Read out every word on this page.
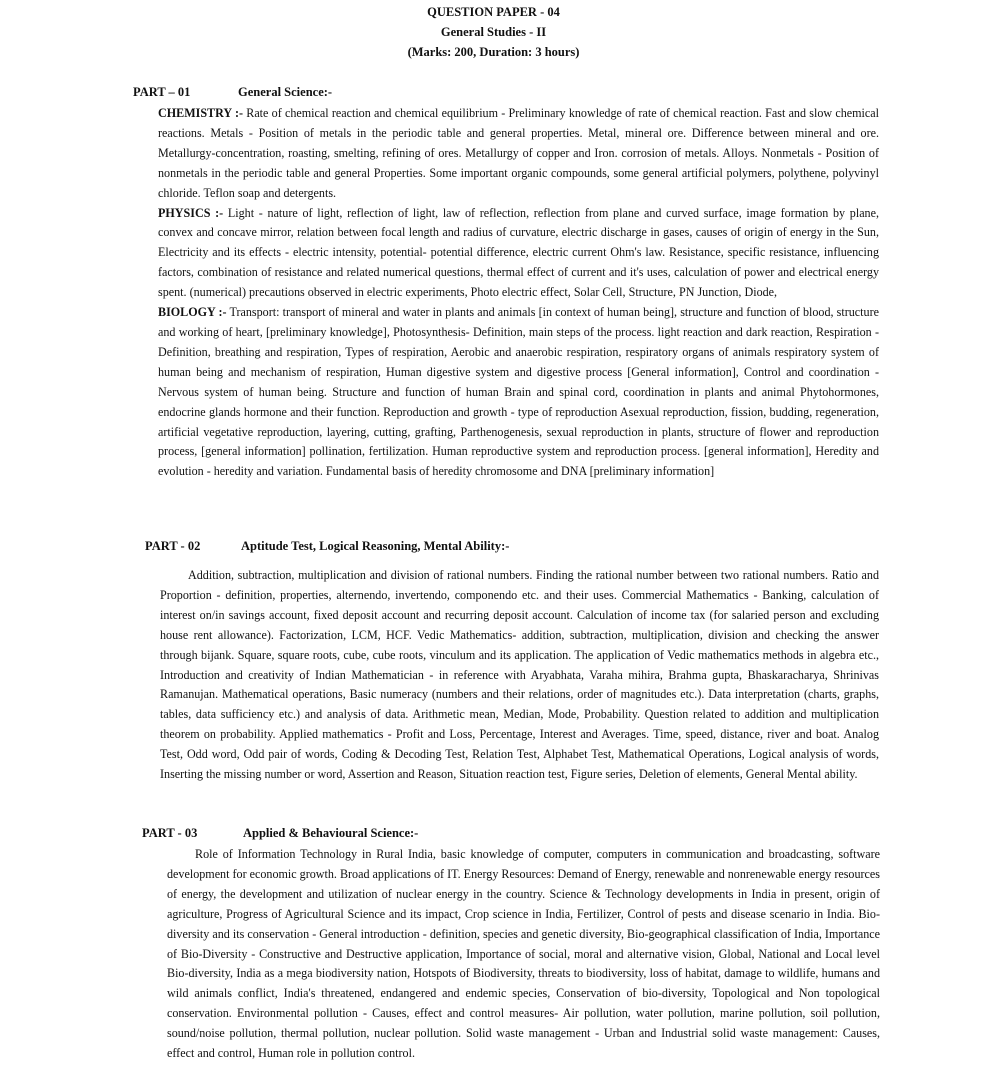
QUESTION PAPER - 04
General Studies - II
(Marks: 200, Duration: 3 hours)
PART – 01	General Science:-
CHEMISTRY :- Rate of chemical reaction and chemical equilibrium - Preliminary knowledge of rate of chemical reaction. Fast and slow chemical reactions. Metals - Position of metals in the periodic table and general properties. Metal, mineral ore. Difference between mineral and ore. Metallurgy-concentration, roasting, smelting, refining of ores. Metallurgy of copper and Iron. corrosion of metals. Alloys. Nonmetals - Position of nonmetals in the periodic table and general Properties. Some important organic compounds, some general artificial polymers, polythene, polyvinyl chloride. Teflon soap and detergents.
PHYSICS :- Light - nature of light, reflection of light, law of reflection, reflection from plane and curved surface, image formation by plane, convex and concave mirror, relation between focal length and radius of curvature, electric discharge in gases, causes of origin of energy in the Sun, Electricity and its effects - electric intensity, potential- potential difference, electric current Ohm's law. Resistance, specific resistance, influencing factors, combination of resistance and related numerical questions, thermal effect of current and it's uses, calculation of power and electrical energy spent. (numerical) precautions observed in electric experiments, Photo electric effect, Solar Cell, Structure, PN Junction, Diode,
BIOLOGY :- Transport: transport of mineral and water in plants and animals [in context of human being], structure and function of blood, structure and working of heart, [preliminary knowledge], Photosynthesis- Definition, main steps of the process. light reaction and dark reaction, Respiration - Definition, breathing and respiration, Types of respiration, Aerobic and anaerobic respiration, respiratory organs of animals respiratory system of human being and mechanism of respiration, Human digestive system and digestive process [General information], Control and coordination - Nervous system of human being. Structure and function of human Brain and spinal cord, coordination in plants and animal Phytohormones, endocrine glands hormone and their function. Reproduction and growth - type of reproduction Asexual reproduction, fission, budding, regeneration, artificial vegetative reproduction, layering, cutting, grafting, Parthenogenesis, sexual reproduction in plants, structure of flower and reproduction process, [general information] pollination, fertilization. Human reproductive system and reproduction process. [general information], Heredity and evolution - heredity and variation. Fundamental basis of heredity chromosome and DNA [preliminary information]
PART - 02	Aptitude Test, Logical Reasoning, Mental Ability:-
Addition, subtraction, multiplication and division of rational numbers. Finding the rational number between two rational numbers. Ratio and Proportion - definition, properties, alternendo, invertendo, componendo etc. and their uses. Commercial Mathematics - Banking, calculation of interest on/in savings account, fixed deposit account and recurring deposit account. Calculation of income tax (for salaried person and excluding house rent allowance). Factorization, LCM, HCF. Vedic Mathematics- addition, subtraction, multiplication, division and checking the answer through bijank. Square, square roots, cube, cube roots, vinculum and its application. The application of Vedic mathematics methods in algebra etc., Introduction and creativity of Indian Mathematician - in reference with Aryabhata, Varaha mihira, Brahma gupta, Bhaskaracharya, Shrinivas Ramanujan. Mathematical operations, Basic numeracy (numbers and their relations, order of magnitudes etc.). Data interpretation (charts, graphs, tables, data sufficiency etc.) and analysis of data. Arithmetic mean, Median, Mode, Probability. Question related to addition and multiplication theorem on probability. Applied mathematics - Profit and Loss, Percentage, Interest and Averages. Time, speed, distance, river and boat. Analog Test, Odd word, Odd pair of words, Coding & Decoding Test, Relation Test, Alphabet Test, Mathematical Operations, Logical analysis of words, Inserting the missing number or word, Assertion and Reason, Situation reaction test, Figure series, Deletion of elements, General Mental ability.
PART - 03	Applied & Behavioural Science:-
Role of Information Technology in Rural India, basic knowledge of computer, computers in communication and broadcasting, software development for economic growth. Broad applications of IT. Energy Resources: Demand of Energy, renewable and nonrenewable energy resources of energy, the development and utilization of nuclear energy in the country. Science & Technology developments in India in present, origin of agriculture, Progress of Agricultural Science and its impact, Crop science in India, Fertilizer, Control of pests and disease scenario in India. Bio-diversity and its conservation - General introduction - definition, species and genetic diversity, Bio-geographical classification of India, Importance of Bio-Diversity - Constructive and Destructive application, Importance of social, moral and alternative vision, Global, National and Local level Bio-diversity, India as a mega biodiversity nation, Hotspots of Biodiversity, threats to biodiversity, loss of habitat, damage to wildlife, humans and wild animals conflict, India's threatened, endangered and endemic species, Conservation of bio-diversity, Topological and Non topological conservation. Environmental pollution - Causes, effect and control measures- Air pollution, water pollution, marine pollution, soil pollution, sound/noise pollution, thermal pollution, nuclear pollution. Solid waste management - Urban and Industrial solid waste management: Causes, effect and control, Human role in pollution control.
